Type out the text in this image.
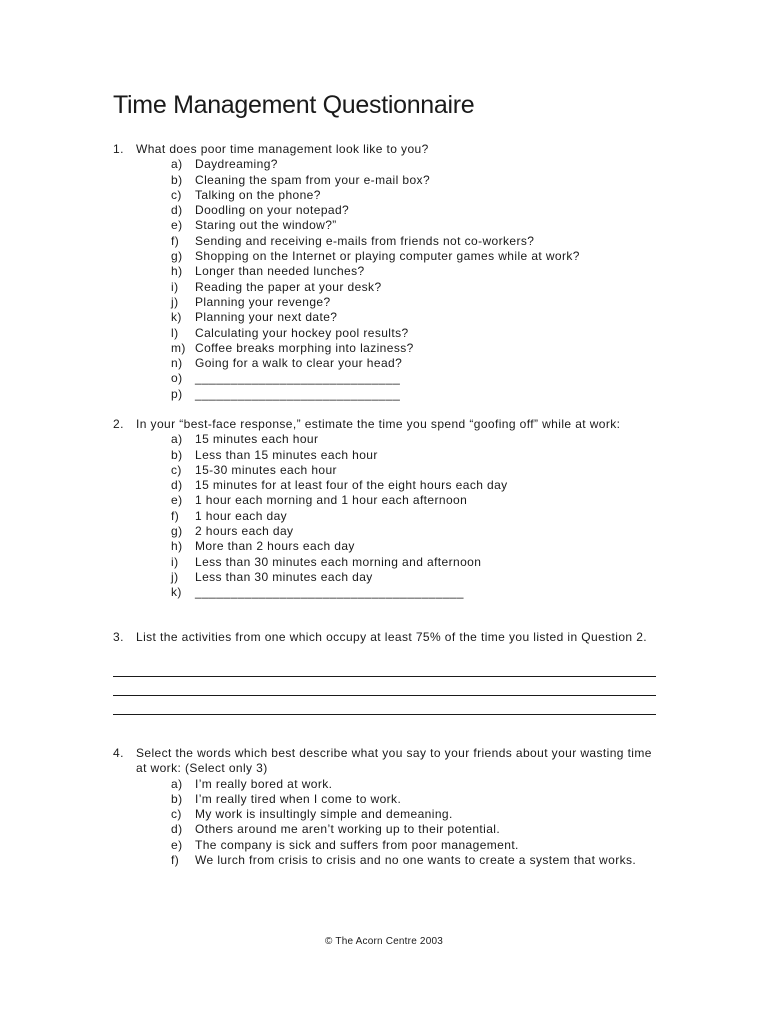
Time Management Questionnaire
1. What does poor time management look like to you?
a) Daydreaming?
b) Cleaning the spam from your e-mail box?
c) Talking on the phone?
d) Doodling on your notepad?
e) Staring out the window?”
f) Sending and receiving e-mails from friends not co-workers?
g) Shopping on the Internet or playing computer games while at work?
h) Longer than needed lunches?
i) Reading the paper at your desk?
j) Planning your revenge?
k) Planning your next date?
l) Calculating your hockey pool results?
m) Coffee breaks morphing into laziness?
n) Going for a walk to clear your head?
o) _____________________________
p) _____________________________
2. In your “best-face response,” estimate the time you spend “goofing off” while at work:
a) 15 minutes each hour
b) Less than 15 minutes each hour
c) 15-30 minutes each hour
d) 15 minutes for at least four of the eight hours each day
e) 1 hour each morning and 1 hour each afternoon
f) 1 hour each day
g) 2 hours each day
h) More than 2 hours each day
i) Less than 30 minutes each morning and afternoon
j) Less than 30 minutes each day
k) ______________________________________
3. List the activities from one which occupy at least 75% of the time you listed in Question 2.
4. Select the words which best describe what you say to your friends about your wasting time at work: (Select only 3)
a) I’m really bored at work.
b) I’m really tired when I come to work.
c) My work is insultingly simple and demeaning.
d) Others around me aren’t working up to their potential.
e) The company is sick and suffers from poor management.
f) We lurch from crisis to crisis and no one wants to create a system that works.
© The Acorn Centre 2003
